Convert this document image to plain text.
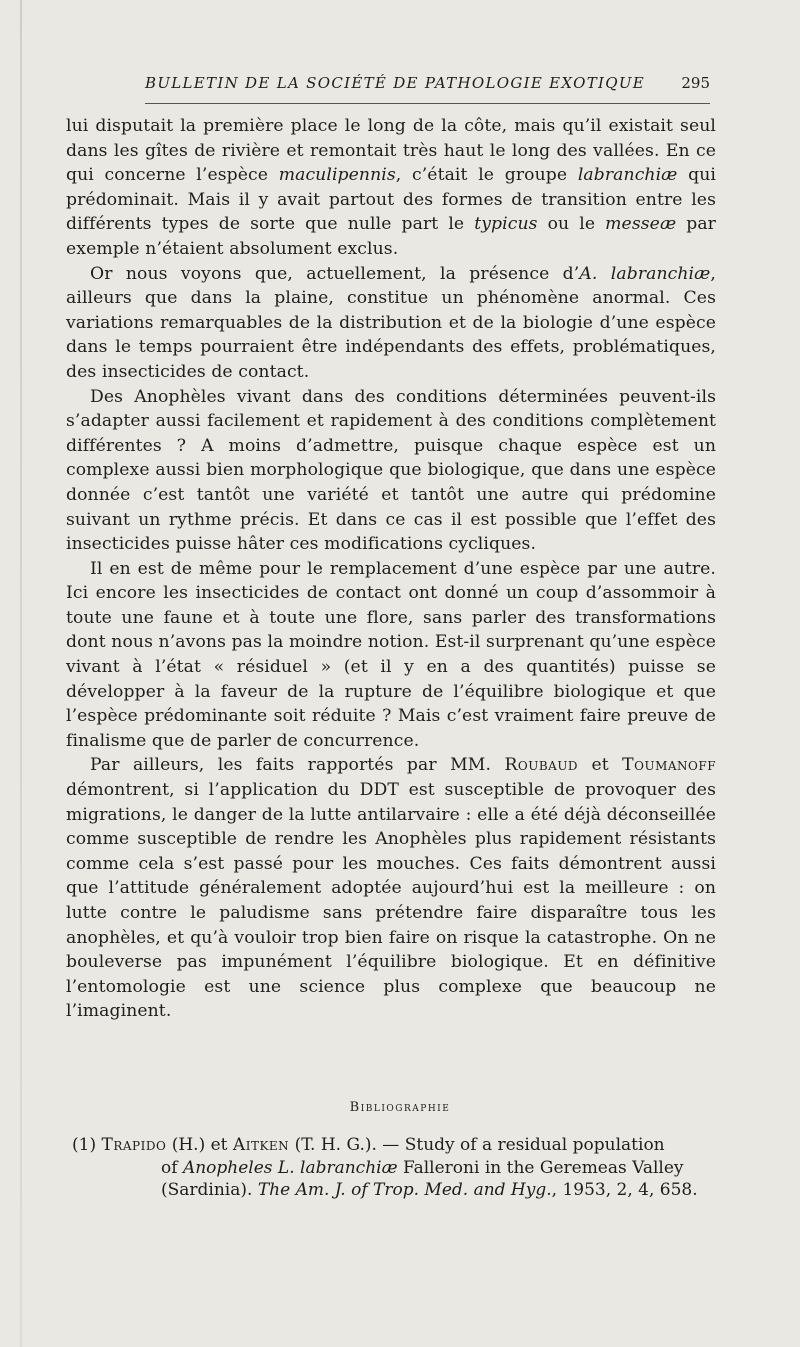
BULLETIN DE LA SOCIÉTÉ DE PATHOLOGIE EXOTIQUE 295

lui disputait la première place le long de la côte, mais qu’il existait seul dans les gîtes de rivière et remontait très haut le long des vallées. En ce qui concerne l’espèce maculipennis, c’était le groupe labranchiæ qui prédominait. Mais il y avait partout des formes de transition entre les différents types de sorte que nulle part le typicus ou le messeæ par exemple n’étaient absolument exclus.

Or nous voyons que, actuellement, la présence d’A. labranchiæ, ailleurs que dans la plaine, constitue un phénomène anormal. Ces variations remarquables de la distribution et de la biologie d’une espèce dans le temps pourraient être indépendants des effets, problématiques, des insecticides de contact.

Des Anophèles vivant dans des conditions déterminées peuvent-ils s’adapter aussi facilement et rapidement à des conditions complètement différentes ? A moins d’admettre, puisque chaque espèce est un complexe aussi bien morphologique que biologique, que dans une espèce donnée c’est tantôt une variété et tantôt une autre qui prédomine suivant un rythme précis. Et dans ce cas il est possible que l’effet des insecticides puisse hâter ces modifications cycliques.

Il en est de même pour le remplacement d’une espèce par une autre. Ici encore les insecticides de contact ont donné un coup d’assommoir à toute une faune et à toute une flore, sans parler des transformations dont nous n’avons pas la moindre notion. Est-il surprenant qu’une espèce vivant à l’état « résiduel » (et il y en a des quantités) puisse se développer à la faveur de la rupture de l’équilibre biologique et que l’espèce prédominante soit réduite ? Mais c’est vraiment faire preuve de finalisme que de parler de concurrence.

Par ailleurs, les faits rapportés par MM. Roubaud et Toumanoff démontrent, si l’application du DDT est susceptible de provoquer des migrations, le danger de la lutte antilarvaire : elle a été déjà déconseillée comme susceptible de rendre les Anophèles plus rapidement résistants comme cela s’est passé pour les mouches. Ces faits démontrent aussi que l’attitude généralement adoptée aujourd’hui est la meilleure : on lutte contre le paludisme sans prétendre faire disparaître tous les anophèles, et qu’à vouloir trop bien faire on risque la catastrophe. On ne bouleverse pas impunément l’équilibre biologique. Et en définitive l’entomologie est une science plus complexe que beaucoup ne l’imaginent.

Bibliographie
(1) Trapido (H.) et Aitken (T. H. G.). — Study of a residual population
of Anopheles L. labranchiæ Falleroni in the Geremeas Valley
(Sardinia). The Am. J. of Trop. Med. and Hyg., 1953, 2, 4, 658.
